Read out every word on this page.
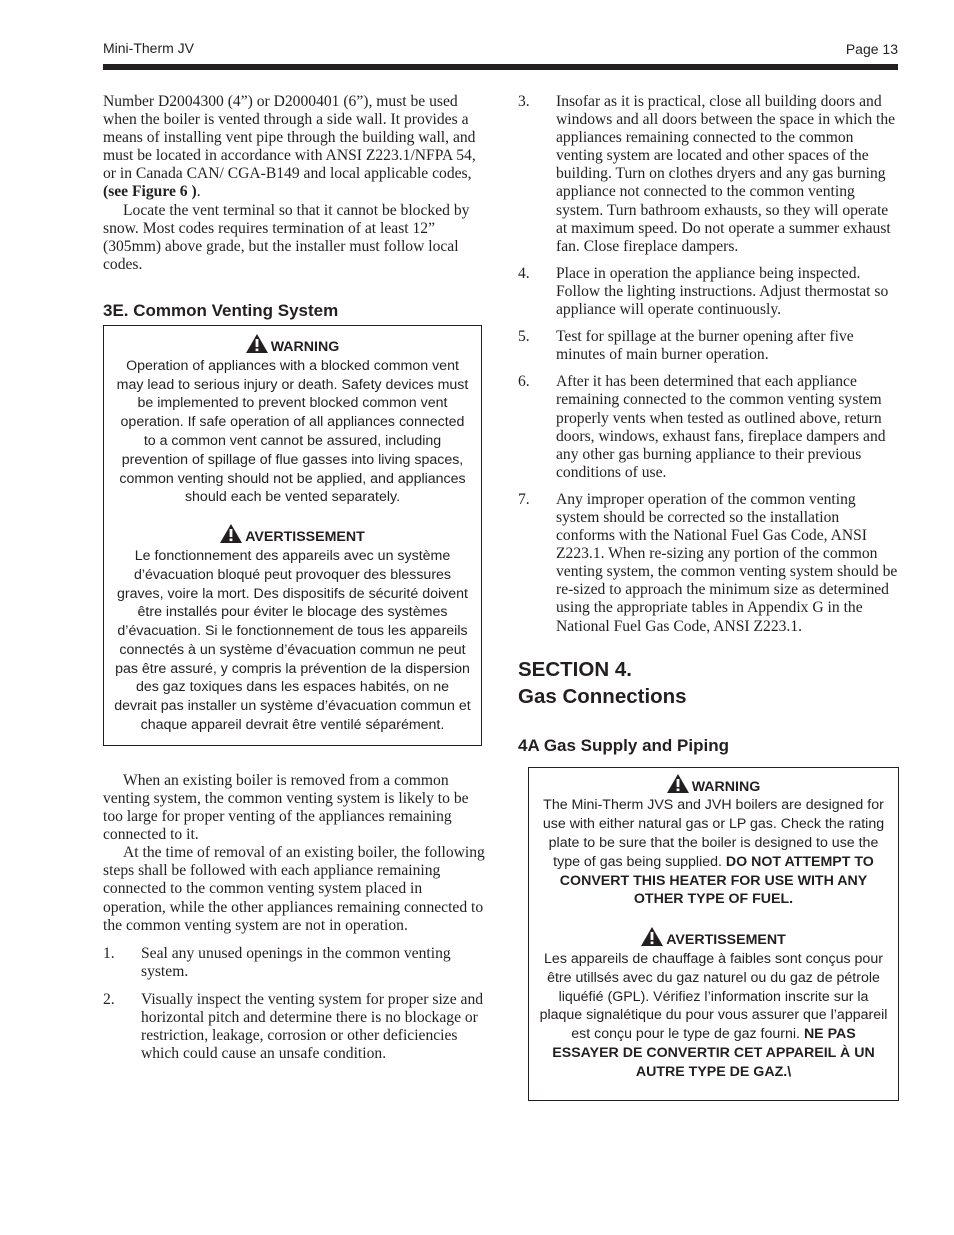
Mini-Therm JV	Page 13

Number D2004300 (4”) or D2000401 (6”), must be used when the boiler is vented through a side wall. It provides a means of installing vent pipe through the building wall, and must be located in accordance with ANSI Z223.1/NFPA 54, or in Canada CAN/ CGA-B149 and local applicable codes,
(see Figure 6 ).

Locate the vent terminal so that it cannot be blocked by snow. Most codes requires termination of at least 12” (305mm) above grade, but the installer must follow local codes.

3E. Common Venting System
WARNING

Operation of appliances with a blocked common vent may lead to serious injury or death. Safety devices must be implemented to prevent blocked common vent operation. If safe operation of all appliances connected to a common vent cannot be assured, including prevention of spillage of flue gasses into living spaces, common venting should not be applied, and appliances should each be vented separately.

AVERTISSEMENT

Le fonctionnement des appareils avec un système d’évacuation bloqué peut provoquer des blessures graves, voire la mort. Des dispositifs de sécurité doivent être installés pour éviter le blocage des systèmes d’évacuation. Si le fonctionnement de tous les appareils connectés à un système d’évacuation commun ne peut pas être assuré, y compris la prévention de la dispersion des gaz toxiques dans les espaces habités, on ne devrait pas installer un système d’évacuation commun et chaque appareil devrait être ventilé séparément.

When an existing boiler is removed from a common venting system, the common venting system is likely to be too large for proper venting of the appliances remaining connected to it.

At the time of removal of an existing boiler, the following steps shall be followed with each appliance remaining connected to the common venting system placed in operation, while the other appliances remaining connected to the common venting system are not in operation.

1. Seal any unused openings in the common venting system.
2. Visually inspect the venting system for proper size and horizontal pitch and determine there is no blockage or restriction, leakage, corrosion or other deficiencies which could cause an unsafe condition.
3. Insofar as it is practical, close all building doors and windows and all doors between the space in which the appliances remaining connected to the common venting system are located and other spaces of the building. Turn on clothes dryers and any gas burning appliance not connected to the common venting system. Turn bathroom exhausts, so they will operate at maximum speed. Do not operate a summer exhaust fan. Close fireplace dampers.
4. Place in operation the appliance being inspected. Follow the lighting instructions. Adjust thermostat so appliance will operate continuously.
5. Test for spillage at the burner opening after five minutes of main burner operation.
6. After it has been determined that each appliance remaining connected to the common venting system properly vents when tested as outlined above, return doors, windows, exhaust fans, fireplace dampers and any other gas burning appliance to their previous conditions of use.
7. Any improper operation of the common venting system should be corrected so the installation conforms with the National Fuel Gas Code, ANSI Z223.1. When re-sizing any portion of the common venting system, the common venting system should be re-sized to approach the minimum size as determined using the appropriate tables in Appendix G in the National Fuel Gas Code, ANSI Z223.1.
SECTION 4.
Gas Connections
4A Gas Supply and Piping
WARNING

The Mini-Therm JVS and JVH boilers are designed for use with either natural gas or LP gas. Check the rating plate to be sure that the boiler is designed to use the type of gas being supplied. DO NOT ATTEMPT TO CONVERT THIS HEATER FOR USE WITH ANY OTHER TYPE OF FUEL.

AVERTISSEMENT

Les appareils de chauffage à faibles sont conçus pour être utillsés avec du gaz naturel ou du gaz de pétrole liquéfié (GPL). Vérifiez l’information inscrite sur la plaque signalétique du pour vous assurer que l’appareil est conçu pour le type de gaz fourni. NE PAS ESSAYER DE CONVERTIR CET APPAREIL À UN AUTRE TYPE DE GAZ.\
